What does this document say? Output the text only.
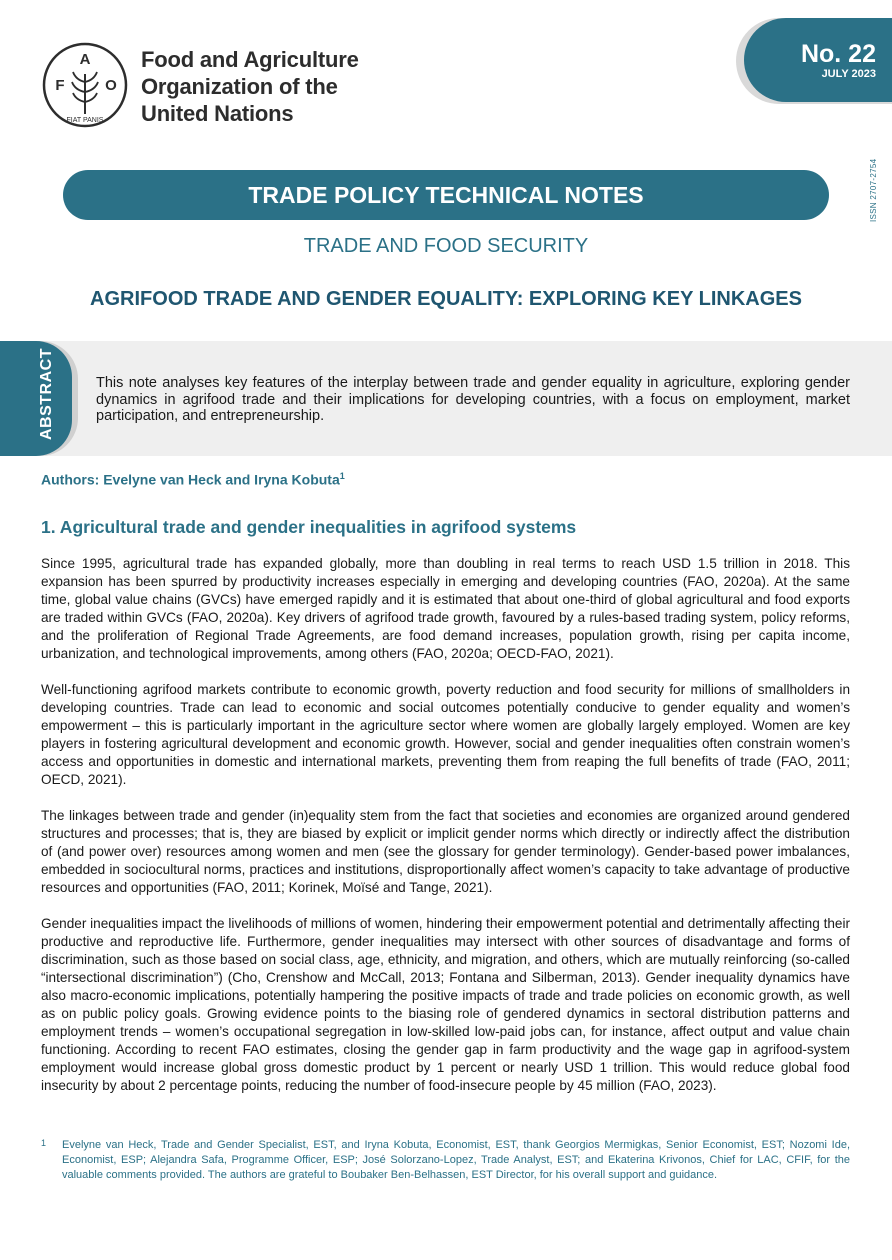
A
F	O
FIAT PANIS
Food and Agriculture
Organization of the
United Nations
No. 22
JULY 2023
ISSN 2707-2754
TRADE POLICY TECHNICAL NOTES
TRADE AND FOOD SECURITY
AGRIFOOD TRADE AND GENDER EQUALITY: EXPLORING KEY LINKAGES
ABSTRACT	This note analyses key features of the interplay between trade and gender equality in agriculture, exploring gender dynamics in agrifood trade and their implications for developing countries, with a focus on employment, market participation, and entrepreneurship.
Authors: Evelyne van Heck and Iryna Kobuta$^1$
1. Agricultural trade and gender inequalities in agrifood systems
Since 1995, agricultural trade has expanded globally, more than doubling in real terms to reach USD 1.5 trillion in 2018. This expansion has been spurred by productivity increases especially in emerging and developing countries (FAO, 2020a). At the same time, global value chains (GVCs) have emerged rapidly and it is estimated that about one-third of global agricultural and food exports are traded within GVCs (FAO, 2020a). Key drivers of agrifood trade growth, favoured by a rules-based trading system, policy reforms, and the proliferation of Regional Trade Agreements, are food demand increases, population growth, rising per capita income, urbanization, and technological improvements, among others (FAO, 2020a; OECD-FAO, 2021).
Well-functioning agrifood markets contribute to economic growth, poverty reduction and food security for millions of smallholders in developing countries. Trade can lead to economic and social outcomes potentially conducive to gender equality and women’s empowerment – this is particularly important in the agriculture sector where women are globally largely employed. Women are key players in fostering agricultural development and economic growth. However, social and gender inequalities often constrain women’s access and opportunities in domestic and international markets, preventing them from reaping the full benefits of trade (FAO, 2011; OECD, 2021).
The linkages between trade and gender (in)equality stem from the fact that societies and economies are organized around gendered structures and processes; that is, they are biased by explicit or implicit gender norms which directly or indirectly affect the distribution of (and power over) resources among women and men (see the glossary for gender terminology). Gender-based power imbalances, embedded in sociocultural norms, practices and institutions, disproportionally affect women’s capacity to take advantage of productive resources and opportunities (FAO, 2011; Korinek, Moïsé and Tange, 2021).
Gender inequalities impact the livelihoods of millions of women, hindering their empowerment potential and detrimentally affecting their productive and reproductive life. Furthermore, gender inequalities may intersect with other sources of disadvantage and forms of discrimination, such as those based on social class, age, ethnicity, and migration, and others, which are mutually reinforcing (so-called “intersectional discrimination”) (Cho, Crenshow and McCall, 2013; Fontana and Silberman, 2013). Gender inequality dynamics have also macro-economic implications, potentially hampering the positive impacts of trade and trade policies on economic growth, as well as on public policy goals. Growing evidence points to the biasing role of gendered dynamics in sectoral distribution patterns and employment trends – women’s occupational segregation in low-skilled low-paid jobs can, for instance, affect output and value chain functioning. According to recent FAO estimates, closing the gender gap in farm productivity and the wage gap in agrifood-system employment would increase global gross domestic product by 1 percent or nearly USD 1 trillion. This would reduce global food insecurity by about 2 percentage points, reducing the number of food-insecure people by 45 million (FAO, 2023).
1 Evelyne van Heck, Trade and Gender Specialist, EST, and Iryna Kobuta, Economist, EST, thank Georgios Mermigkas, Senior Economist, EST; Nozomi Ide, Economist, ESP; Alejandra Safa, Programme Officer, ESP; José Solorzano-Lopez, Trade Analyst, EST; and Ekaterina Krivonos, Chief for LAC, CFIF, for the valuable comments provided. The authors are grateful to Boubaker Ben-Belhassen, EST Director, for his overall support and guidance.
